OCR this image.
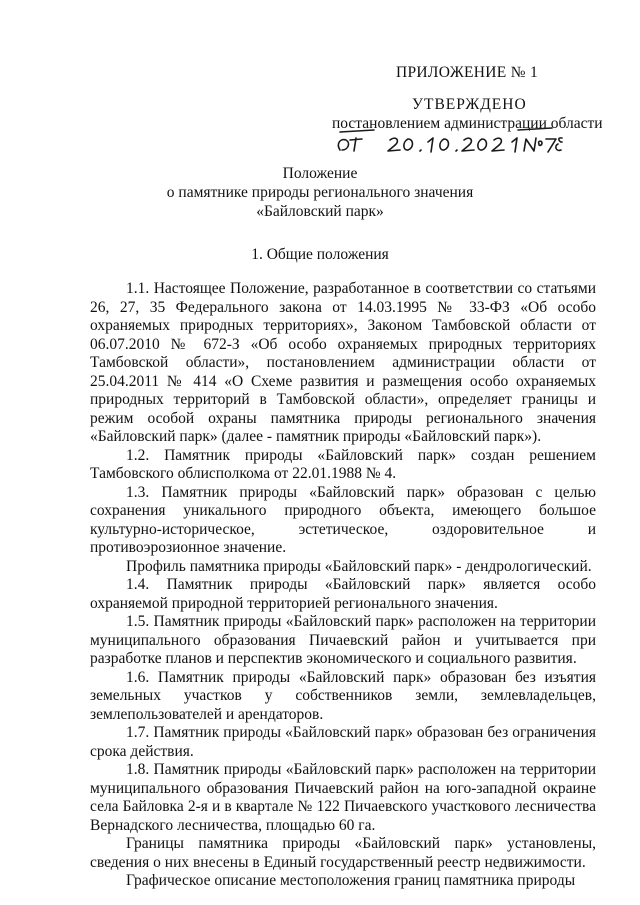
ПРИЛОЖЕНИЕ № 1
УТВЕРЖДЕНО
постановлением администрации области
Положение
о памятнике природы регионального значения
«Байловский парк»
1. Общие положения

1.1. Настоящее Положение, разработанное в соответствии со статьями 26, 27, 35 Федерального закона от 14.03.1995 № 33-ФЗ «Об особо охраняемых природных территориях», Законом Тамбовской области от 06.07.2010 № 672-З «Об особо охраняемых природных территориях Тамбовской области», постановлением администрации области от 25.04.2011 № 414 «О Схеме развития и размещения особо охраняемых природных территорий в Тамбовской области», определяет границы и режим особой охраны памятника природы регионального значения «Байловский парк» (далее - памятник природы «Байловский парк»).

1.2. Памятник природы «Байловский парк» создан решением Тамбовского облисполкома от 22.01.1988 № 4.

1.3. Памятник природы «Байловский парк» образован с целью сохранения уникального природного объекта, имеющего большое культурно-историческое, эстетическое, оздоровительное и противоэрозионное значение.

Профиль памятника природы «Байловский парк» - дендрологический.

1.4. Памятник природы «Байловский парк» является особо охраняемой природной территорией регионального значения.

1.5. Памятник природы «Байловский парк» расположен на территории муниципального образования Пичаевский район и учитывается при разработке планов и перспектив экономического и социального развития.

1.6. Памятник природы «Байловский парк» образован без изъятия земельных участков у собственников земли, землевладельцев, землепользователей и арендаторов.

1.7. Памятник природы «Байловский парк» образован без ограничения срока действия.

1.8. Памятник природы «Байловский парк» расположен на территории муниципального образования Пичаевский район на юго-западной окраине села Байловка 2-я и в квартале № 122 Пичаевского участкового лесничества Вернадского лесничества, площадью 60 га.

Границы памятника природы «Байловский парк» установлены, сведения о них внесены в Единый государственный реестр недвижимости.

Графическое описание местоположения границ памятника природы
